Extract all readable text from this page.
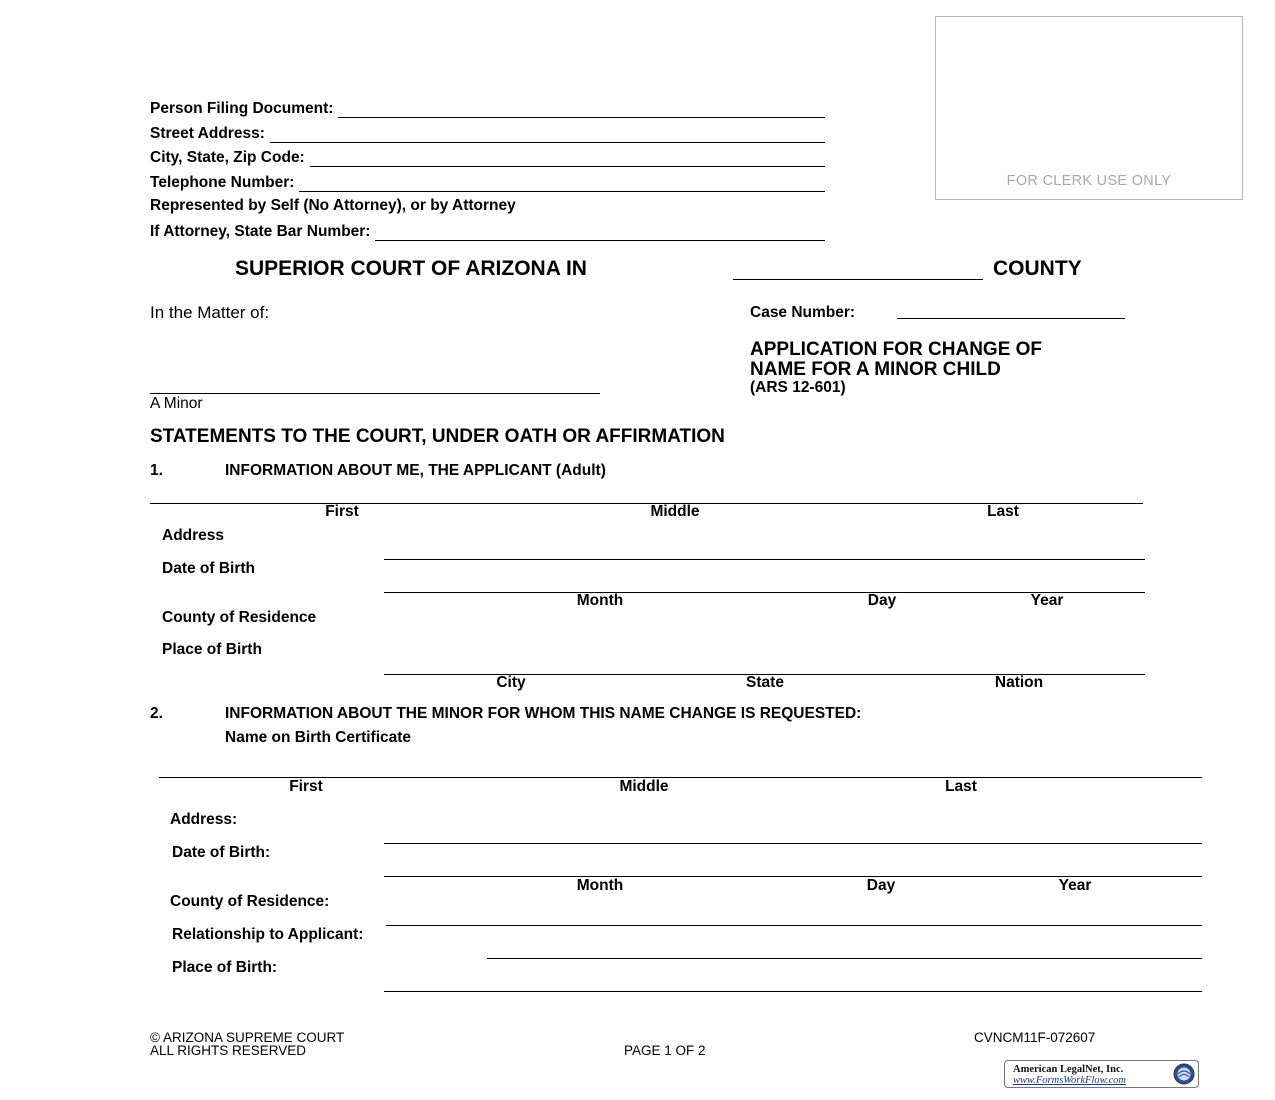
Person Filing Document:
Street Address:
City, State, Zip Code:
Telephone Number:
Represented by Self (No Attorney), or by Attorney
If Attorney, State Bar Number:
FOR CLERK USE ONLY
SUPERIOR COURT OF ARIZONA IN	COUNTY
In the Matter of:
A Minor
Case Number:
APPLICATION FOR CHANGE OF
NAME FOR A MINOR CHILD
(ARS 12-601)
STATEMENTS TO THE COURT, UNDER OATH OR AFFIRMATION
1.	INFORMATION ABOUT ME, THE APPLICANT (Adult)
First	Middle	Last
Address
Date of Birth
Month	Day	Year
County of Residence
Place of Birth
City	State	Nation
2.	INFORMATION ABOUT THE MINOR FOR WHOM THIS NAME CHANGE IS REQUESTED:
Name on Birth Certificate
First	Middle	Last
Address:
Date of Birth:
Month	Day	Year
County of Residence:
Relationship to Applicant:
Place of Birth:
© ARIZONA SUPREME COURT
ALL RIGHTS RESERVED	PAGE 1 OF 2
CVNCM11F-072607
American LegalNet, Inc.
www.FormsWorkFlow.com
